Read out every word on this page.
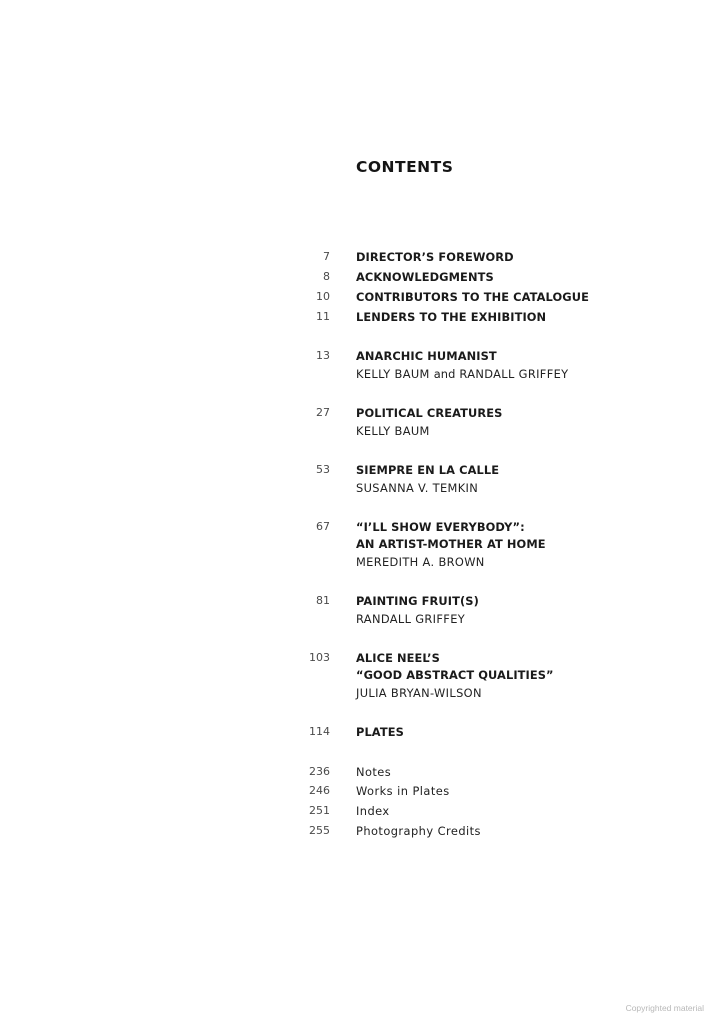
CONTENTS
7 DIRECTOR’S FOREWORD
8 ACKNOWLEDGMENTS
10 CONTRIBUTORS TO THE CATALOGUE
11 LENDERS TO THE EXHIBITION
13 ANARCHIC HUMANIST
KELLY BAUM and RANDALL GRIFFEY
27 POLITICAL CREATURES
KELLY BAUM
53 SIEMPRE EN LA CALLE
SUSANNA V. TEMKIN
67 “I’LL SHOW EVERYBODY”:
AN ARTIST-MOTHER AT HOME
MEREDITH A. BROWN
81 PAINTING FRUIT(S)
RANDALL GRIFFEY
103 ALICE NEEL’S
“GOOD ABSTRACT QUALITIES”
JULIA BRYAN-WILSON
114 PLATES
236 Notes
246 Works in Plates
251 Index
255 Photography Credits
Copyrighted material
